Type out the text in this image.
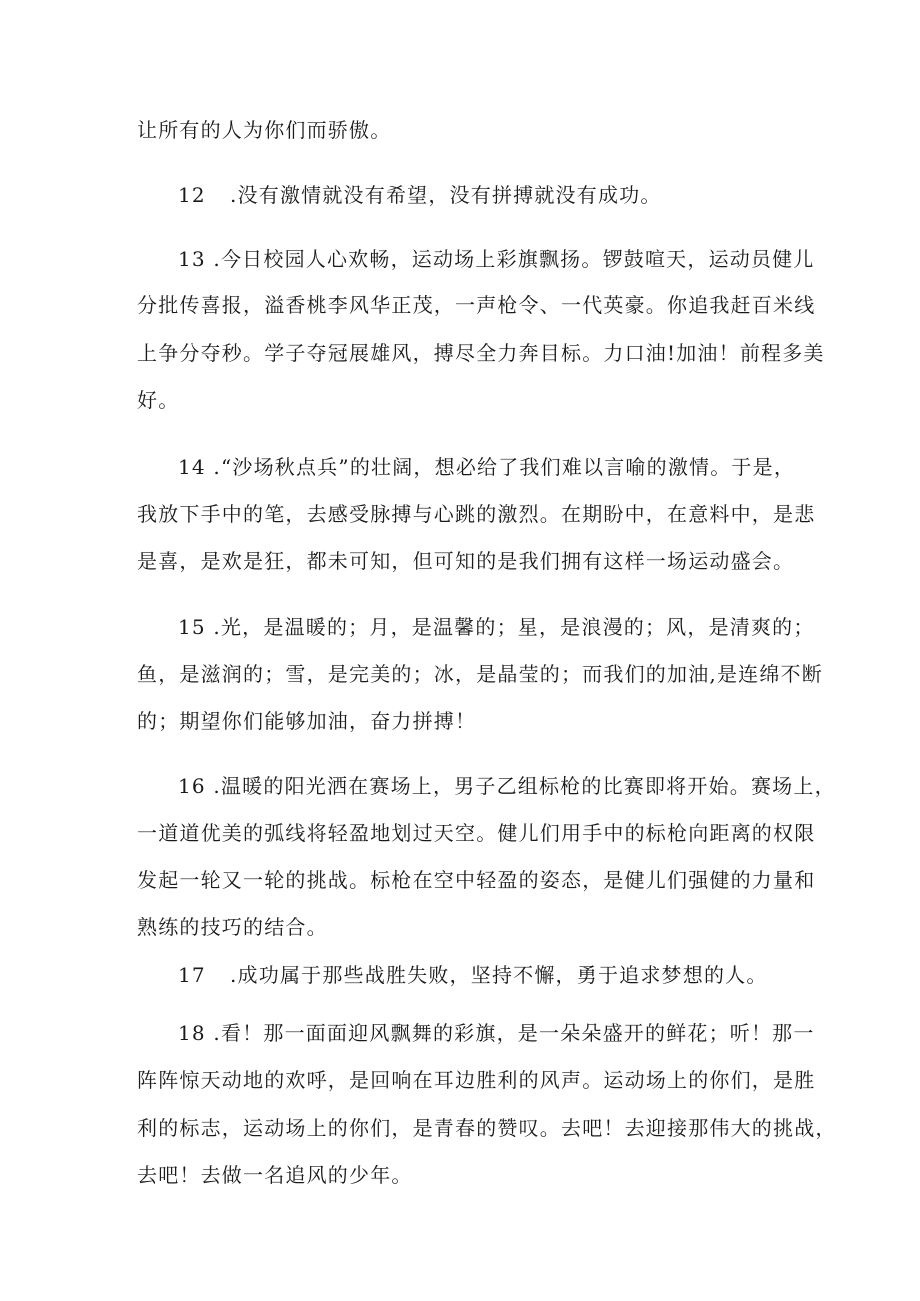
让所有的人为你们而骄傲。
12 .没有激情就没有希望，没有拼搏就没有成功。
13 .今日校园人心欢畅，运动场上彩旗飘扬。锣鼓喧天，运动员健儿
分批传喜报，溢香桃李风华正茂，一声枪令、一代英豪。你追我赶百米线
上争分夺秒。学子夺冠展雄风，搏尽全力奔目标。力口油!加油！前程多美
好。
14 .“沙场秋点兵”的壮阔，想必给了我们难以言喻的激情。于是，
我放下手中的笔，去感受脉搏与心跳的激烈。在期盼中，在意料中，是悲
是喜，是欢是狂，都未可知，但可知的是我们拥有这样一场运动盛会。
15 .光，是温暖的；月，是温馨的；星，是浪漫的；风，是清爽的；
鱼，是滋润的；雪，是完美的；冰，是晶莹的；而我们的加油,是连绵不断
的；期望你们能够加油，奋力拼搏！
16 .温暖的阳光洒在赛场上，男子乙组标枪的比赛即将开始。赛场上，
一道道优美的弧线将轻盈地划过天空。健儿们用手中的标枪向距离的权限
发起一轮又一轮的挑战。标枪在空中轻盈的姿态，是健儿们强健的力量和
熟练的技巧的结合。
17 .成功属于那些战胜失败，坚持不懈，勇于追求梦想的人。
18 .看！那一面面迎风飘舞的彩旗，是一朵朵盛开的鲜花；听！那一
阵阵惊天动地的欢呼，是回响在耳边胜利的风声。运动场上的你们，是胜
利的标志，运动场上的你们，是青春的赞叹。去吧！去迎接那伟大的挑战，
去吧！去做一名追风的少年。
